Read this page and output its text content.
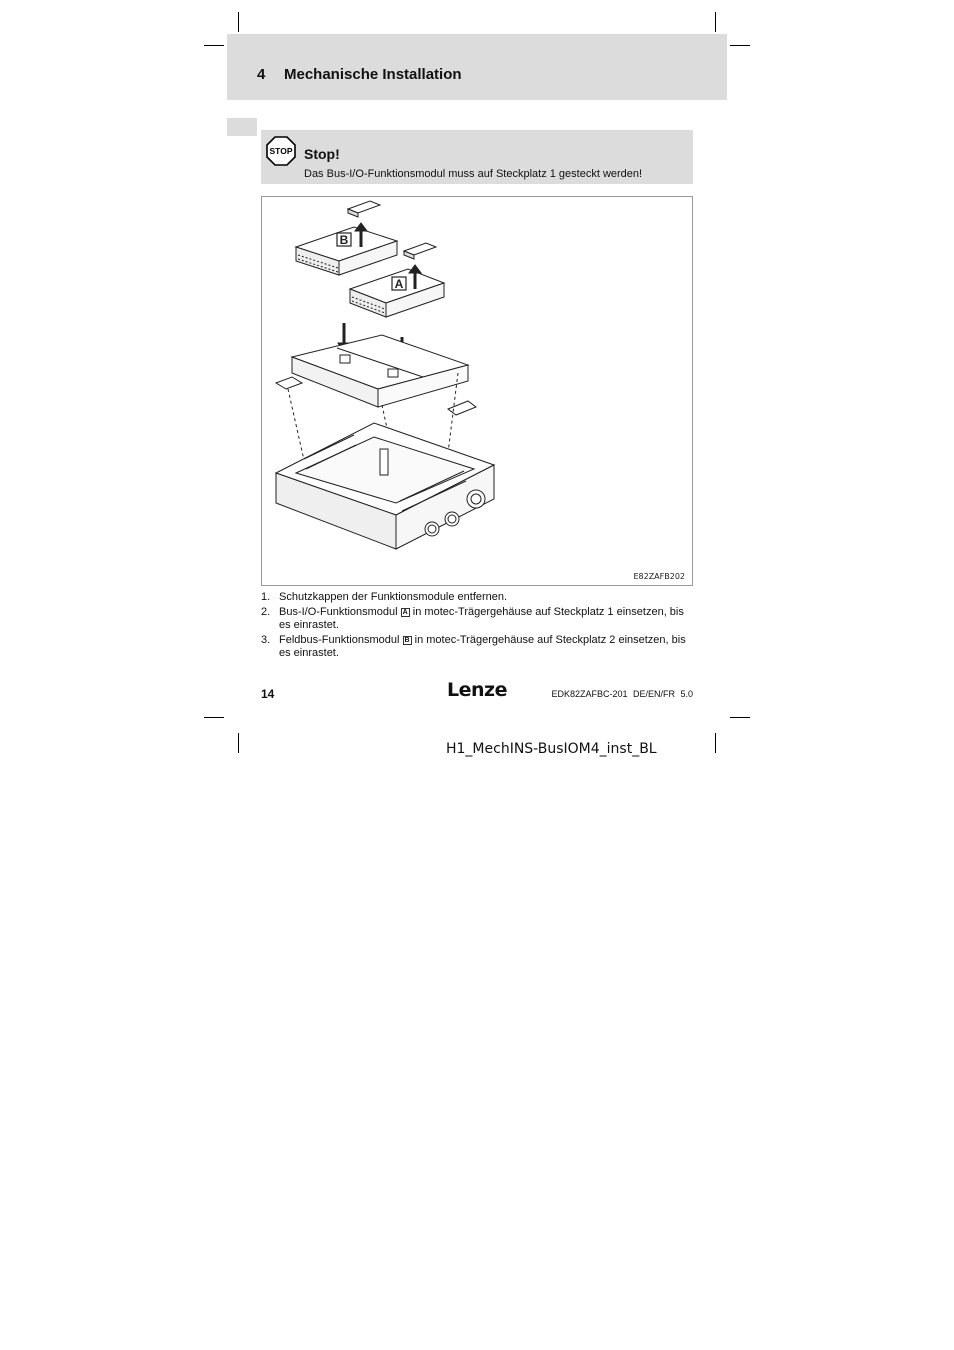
4 Mechanische Installation
STOP Stop!
Das Bus-I/O-Funktionsmodul muss auf Steckplatz 1 gesteckt werden!
B
A
E82ZAFB202
1. Schutzkappen der Funktionsmodule entfernen.
2. Bus-I/O-Funktionsmodul A in motec-Trägergehäuse auf Steckplatz 1 einsetzen, bis es einrastet.
3. Feldbus-Funktionsmodul B in motec-Trägergehäuse auf Steckplatz 2 einsetzen, bis es einrastet.
14	Lenze	EDK82ZAFBC-201 DE/EN/FR 5.0
H1_MechINS-BusIOM4_inst_BL
